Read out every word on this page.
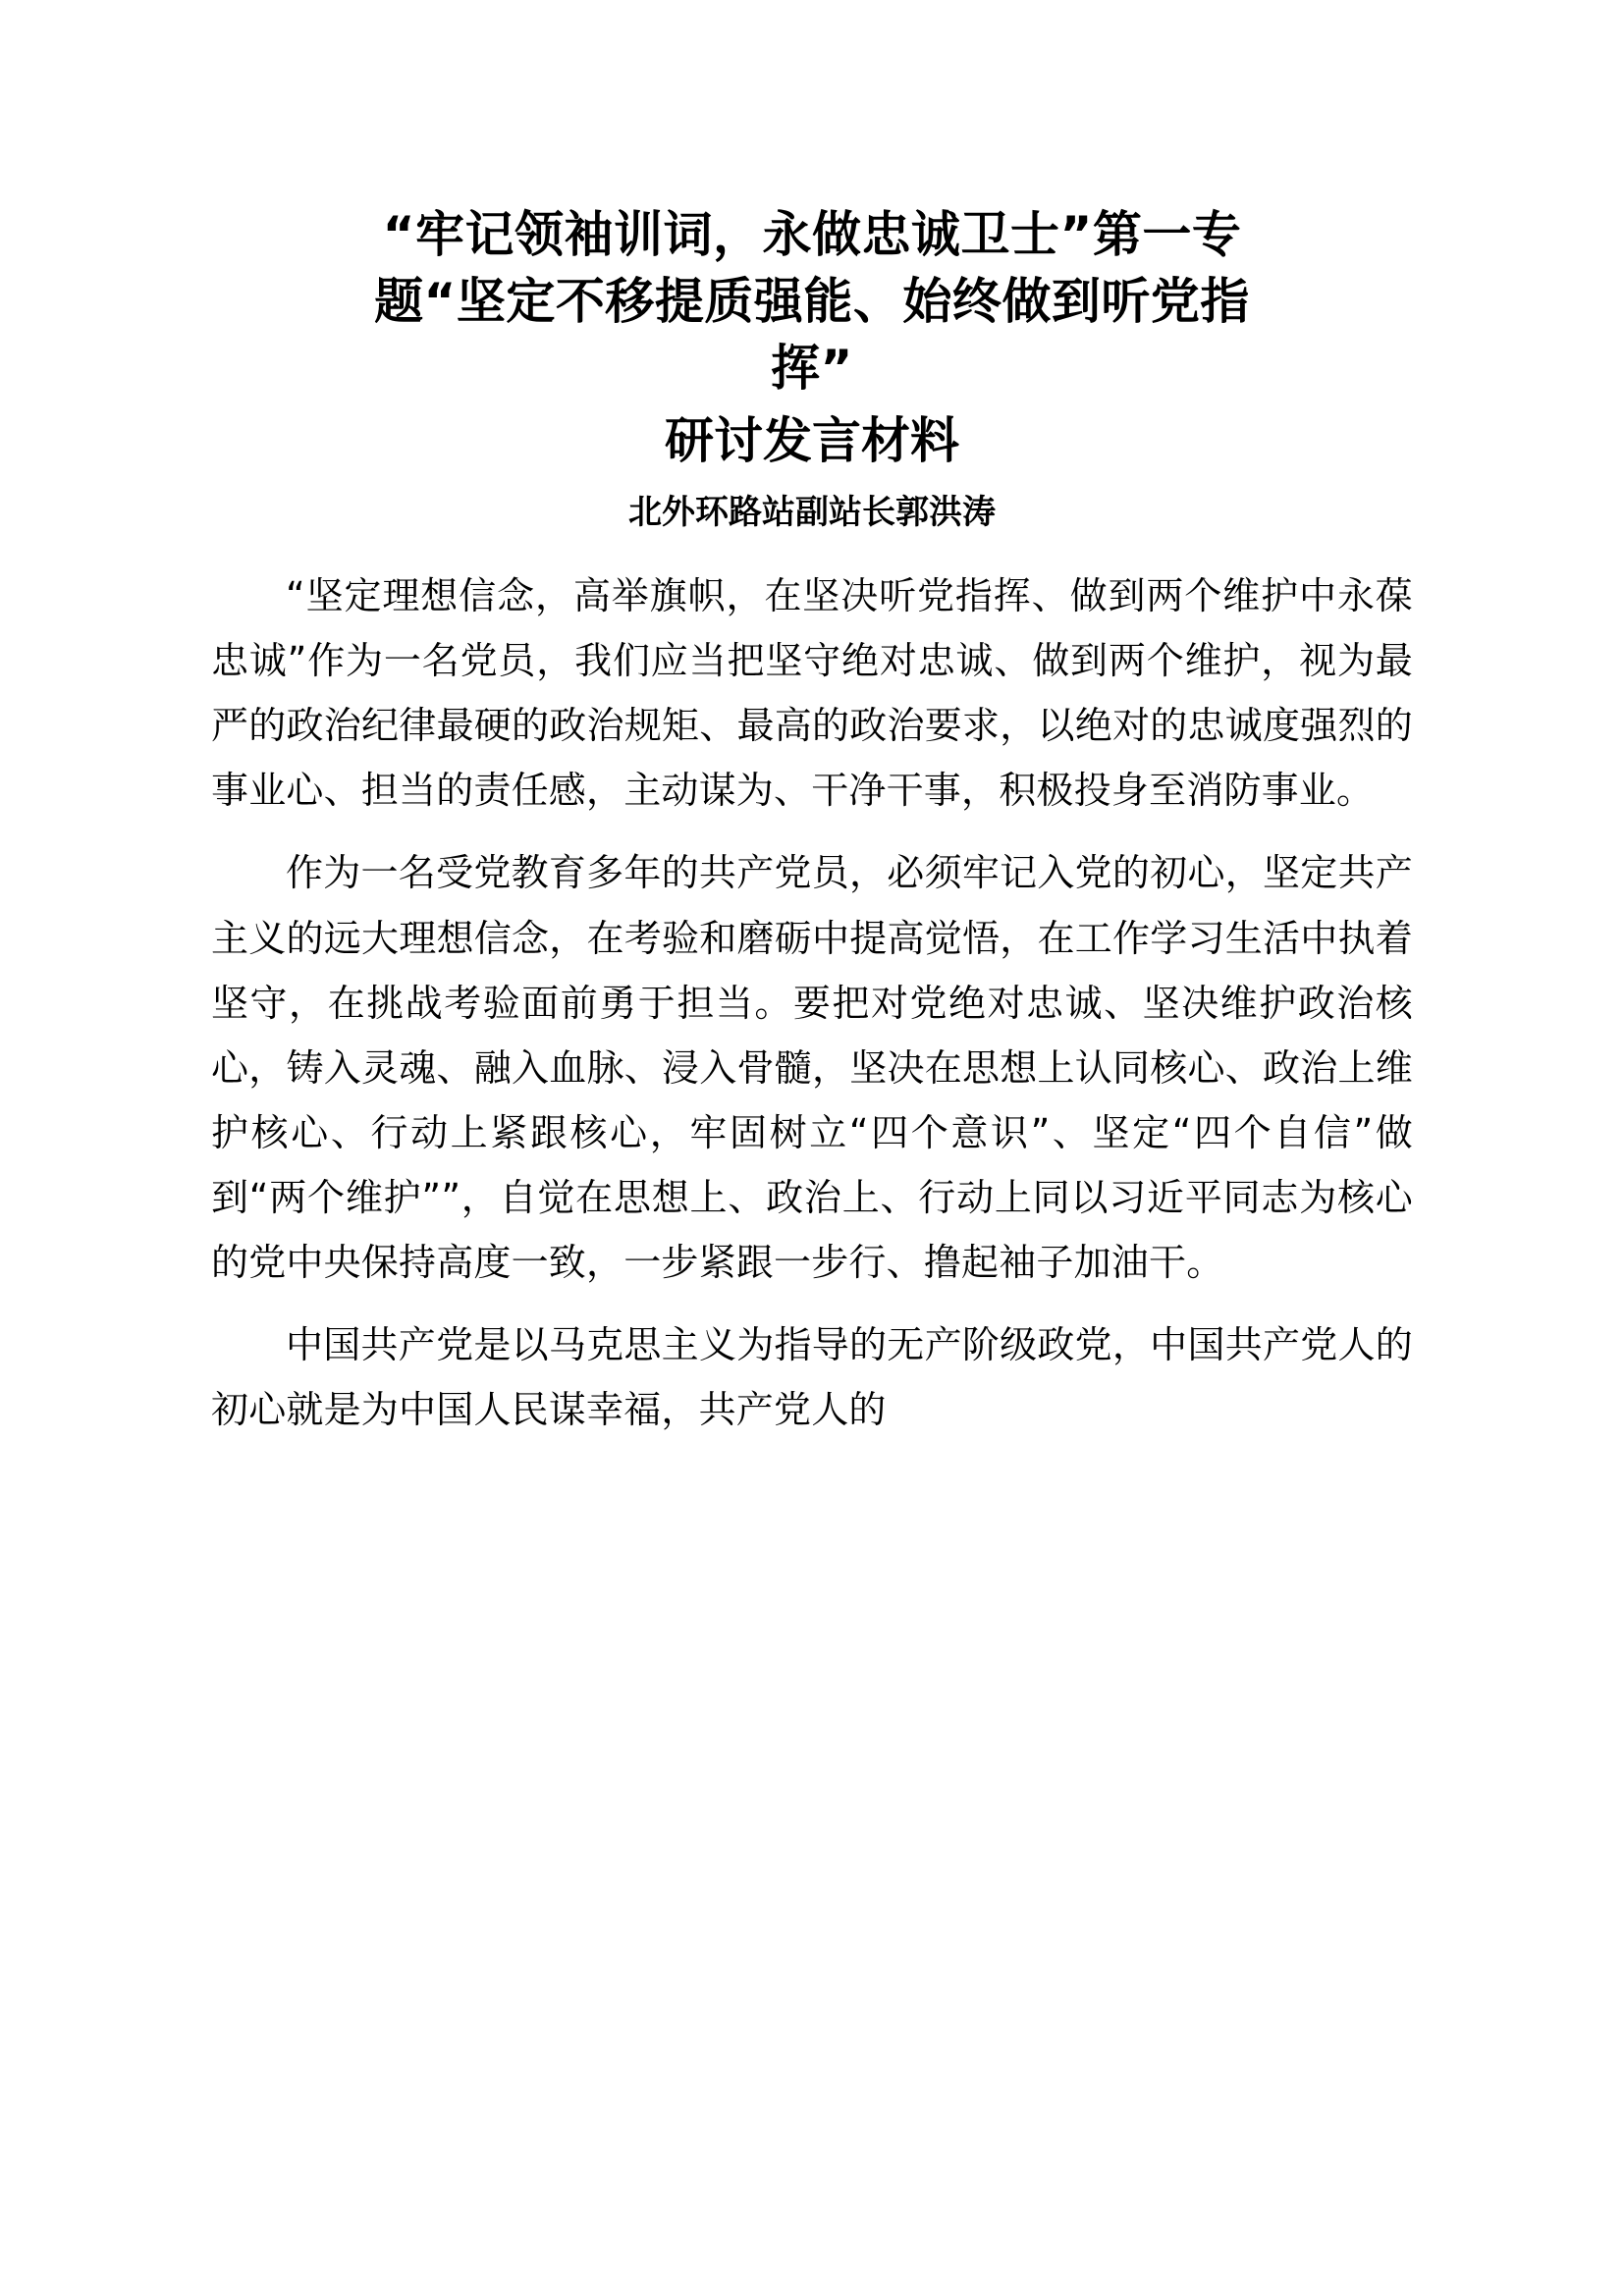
“牢记领袖训词，永做忠诚卫士”第一专
题“坚定不移提质强能、始终做到听党指
挥”
研讨发言材料
北外环路站副站长郭洪涛

“坚定理想信念，高举旗帜，在坚决听党指挥、做到两个维护中永葆忠诚”作为一名党员，我们应当把坚守绝对忠诚、做到两个维护，视为最严的政治纪律最硬的政治规矩、最高的政治要求，以绝对的忠诚度强烈的事业心、担当的责任感，主动谋为、干净干事，积极投身至消防事业。

作为一名受党教育多年的共产党员，必须牢记入党的初心，坚定共产主义的远大理想信念，在考验和磨砺中提高觉悟，在工作学习生活中执着坚守，在挑战考验面前勇于担当。要把对党绝对忠诚、坚决维护政治核心，铸入灵魂、融入血脉、浸入骨髓，坚决在思想上认同核心、政治上维护核心、行动上紧跟核心，牢固树立“四个意识”、坚定“四个自信”做到“两个维护””，自觉在思想上、政治上、行动上同以习近平同志为核心的党中央保持高度一致，一步紧跟一步行、撸起袖子加油干。

中国共产党是以马克思主义为指导的无产阶级政党，中国共产党人的初心就是为中国人民谋幸福，共产党人的
